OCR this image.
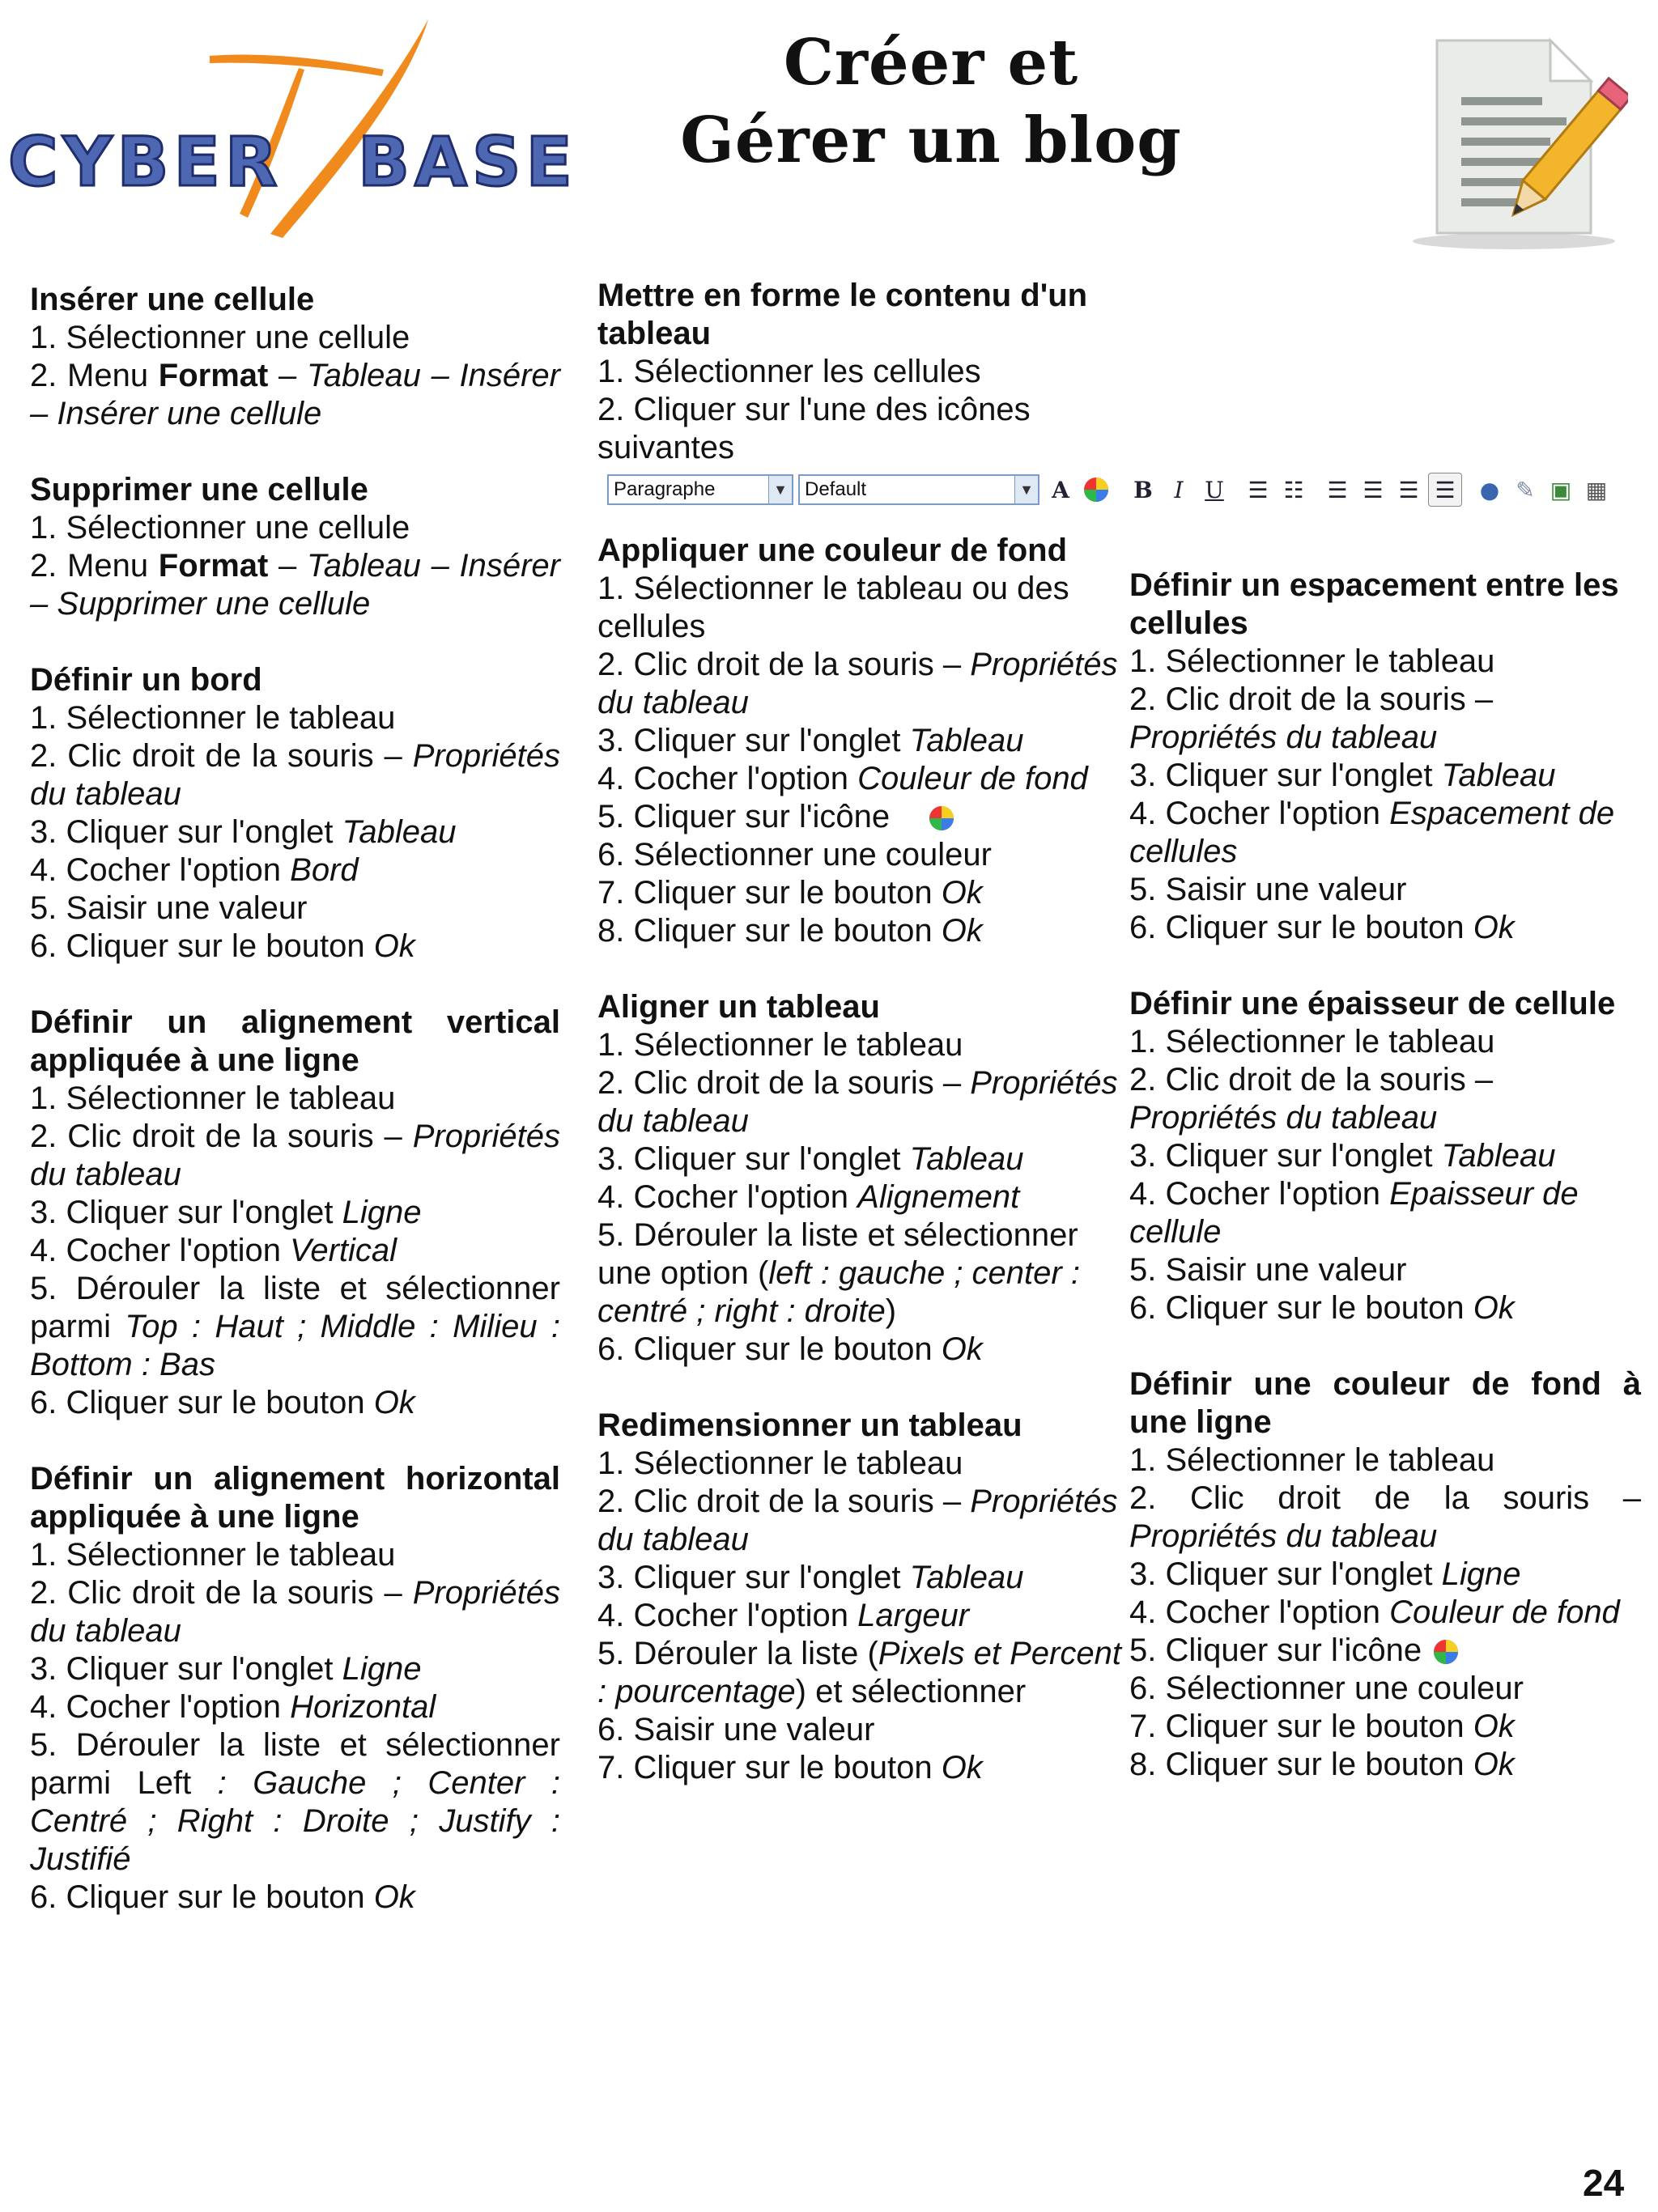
CYBER BASE
Créer et
Gérer un blog
Insérer une cellule
1. Sélectionner une cellule
2. Menu Format – Tableau – Insérer – Insérer une cellule
Supprimer une cellule
1. Sélectionner une cellule
2. Menu Format – Tableau – Insérer – Supprimer une cellule
Définir un bord
1. Sélectionner le tableau
2. Clic droit de la souris – Propriétés du tableau
3. Cliquer sur l'onglet Tableau
4. Cocher l'option Bord
5. Saisir une valeur
6. Cliquer sur le bouton Ok
Définir un alignement vertical appliquée à une ligne
1. Sélectionner le tableau
2. Clic droit de la souris – Propriétés du tableau
3. Cliquer sur l'onglet Ligne
4. Cocher l'option Vertical
5. Dérouler la liste et sélectionner parmi Top : Haut ; Middle : Milieu : Bottom : Bas
6. Cliquer sur le bouton Ok
Définir un alignement horizontal appliquée à une ligne
1. Sélectionner le tableau
2. Clic droit de la souris – Propriétés du tableau
3. Cliquer sur l'onglet Ligne
4. Cocher l'option Horizontal
5. Dérouler la liste et sélectionner parmi Left : Gauche ; Center : Centré ; Right : Droite ; Justify : Justifié
6. Cliquer sur le bouton Ok
Mettre en forme le contenu d'un tableau
1. Sélectionner les cellules
2. Cliquer sur l'une des icônes suivantes
Paragraphe	▼ Default	▼ A	B I U ☰ ☷ ☰ ☰ ☰ ☰	● ✎ ▣ ▦
Appliquer une couleur de fond
1. Sélectionner le tableau ou des cellules
2. Clic droit de la souris – Propriétés du tableau
3. Cliquer sur l'onglet Tableau
4. Cocher l'option Couleur de fond
5. Cliquer sur l'icône
6. Sélectionner une couleur
7. Cliquer sur le bouton Ok
8. Cliquer sur le bouton Ok
Aligner un tableau
1. Sélectionner le tableau
2. Clic droit de la souris – Propriétés du tableau
3. Cliquer sur l'onglet Tableau
4. Cocher l'option Alignement
5. Dérouler la liste et sélectionner une option (left : gauche ; center : centré ; right : droite)
6. Cliquer sur le bouton Ok
Redimensionner un tableau
1. Sélectionner le tableau
2. Clic droit de la souris – Propriétés du tableau
3. Cliquer sur l'onglet Tableau
4. Cocher l'option Largeur
5. Dérouler la liste (Pixels et Percent : pourcentage) et sélectionner
6. Saisir une valeur
7. Cliquer sur le bouton Ok
Définir un espacement entre les cellules
1. Sélectionner le tableau
2. Clic droit de la souris – Propriétés du tableau
3. Cliquer sur l'onglet Tableau
4. Cocher l'option Espacement de cellules
5. Saisir une valeur
6. Cliquer sur le bouton Ok
Définir une épaisseur de cellule
1. Sélectionner le tableau
2. Clic droit de la souris – Propriétés du tableau
3. Cliquer sur l'onglet Tableau
4. Cocher l'option Epaisseur de cellule
5. Saisir une valeur
6. Cliquer sur le bouton Ok
Définir une couleur de fond à une ligne
1. Sélectionner le tableau
2. Clic droit de la souris – Propriétés du tableau
3. Cliquer sur l'onglet Ligne
4. Cocher l'option Couleur de fond
5. Cliquer sur l'icône
6. Sélectionner une couleur
7. Cliquer sur le bouton Ok
8. Cliquer sur le bouton Ok
24
